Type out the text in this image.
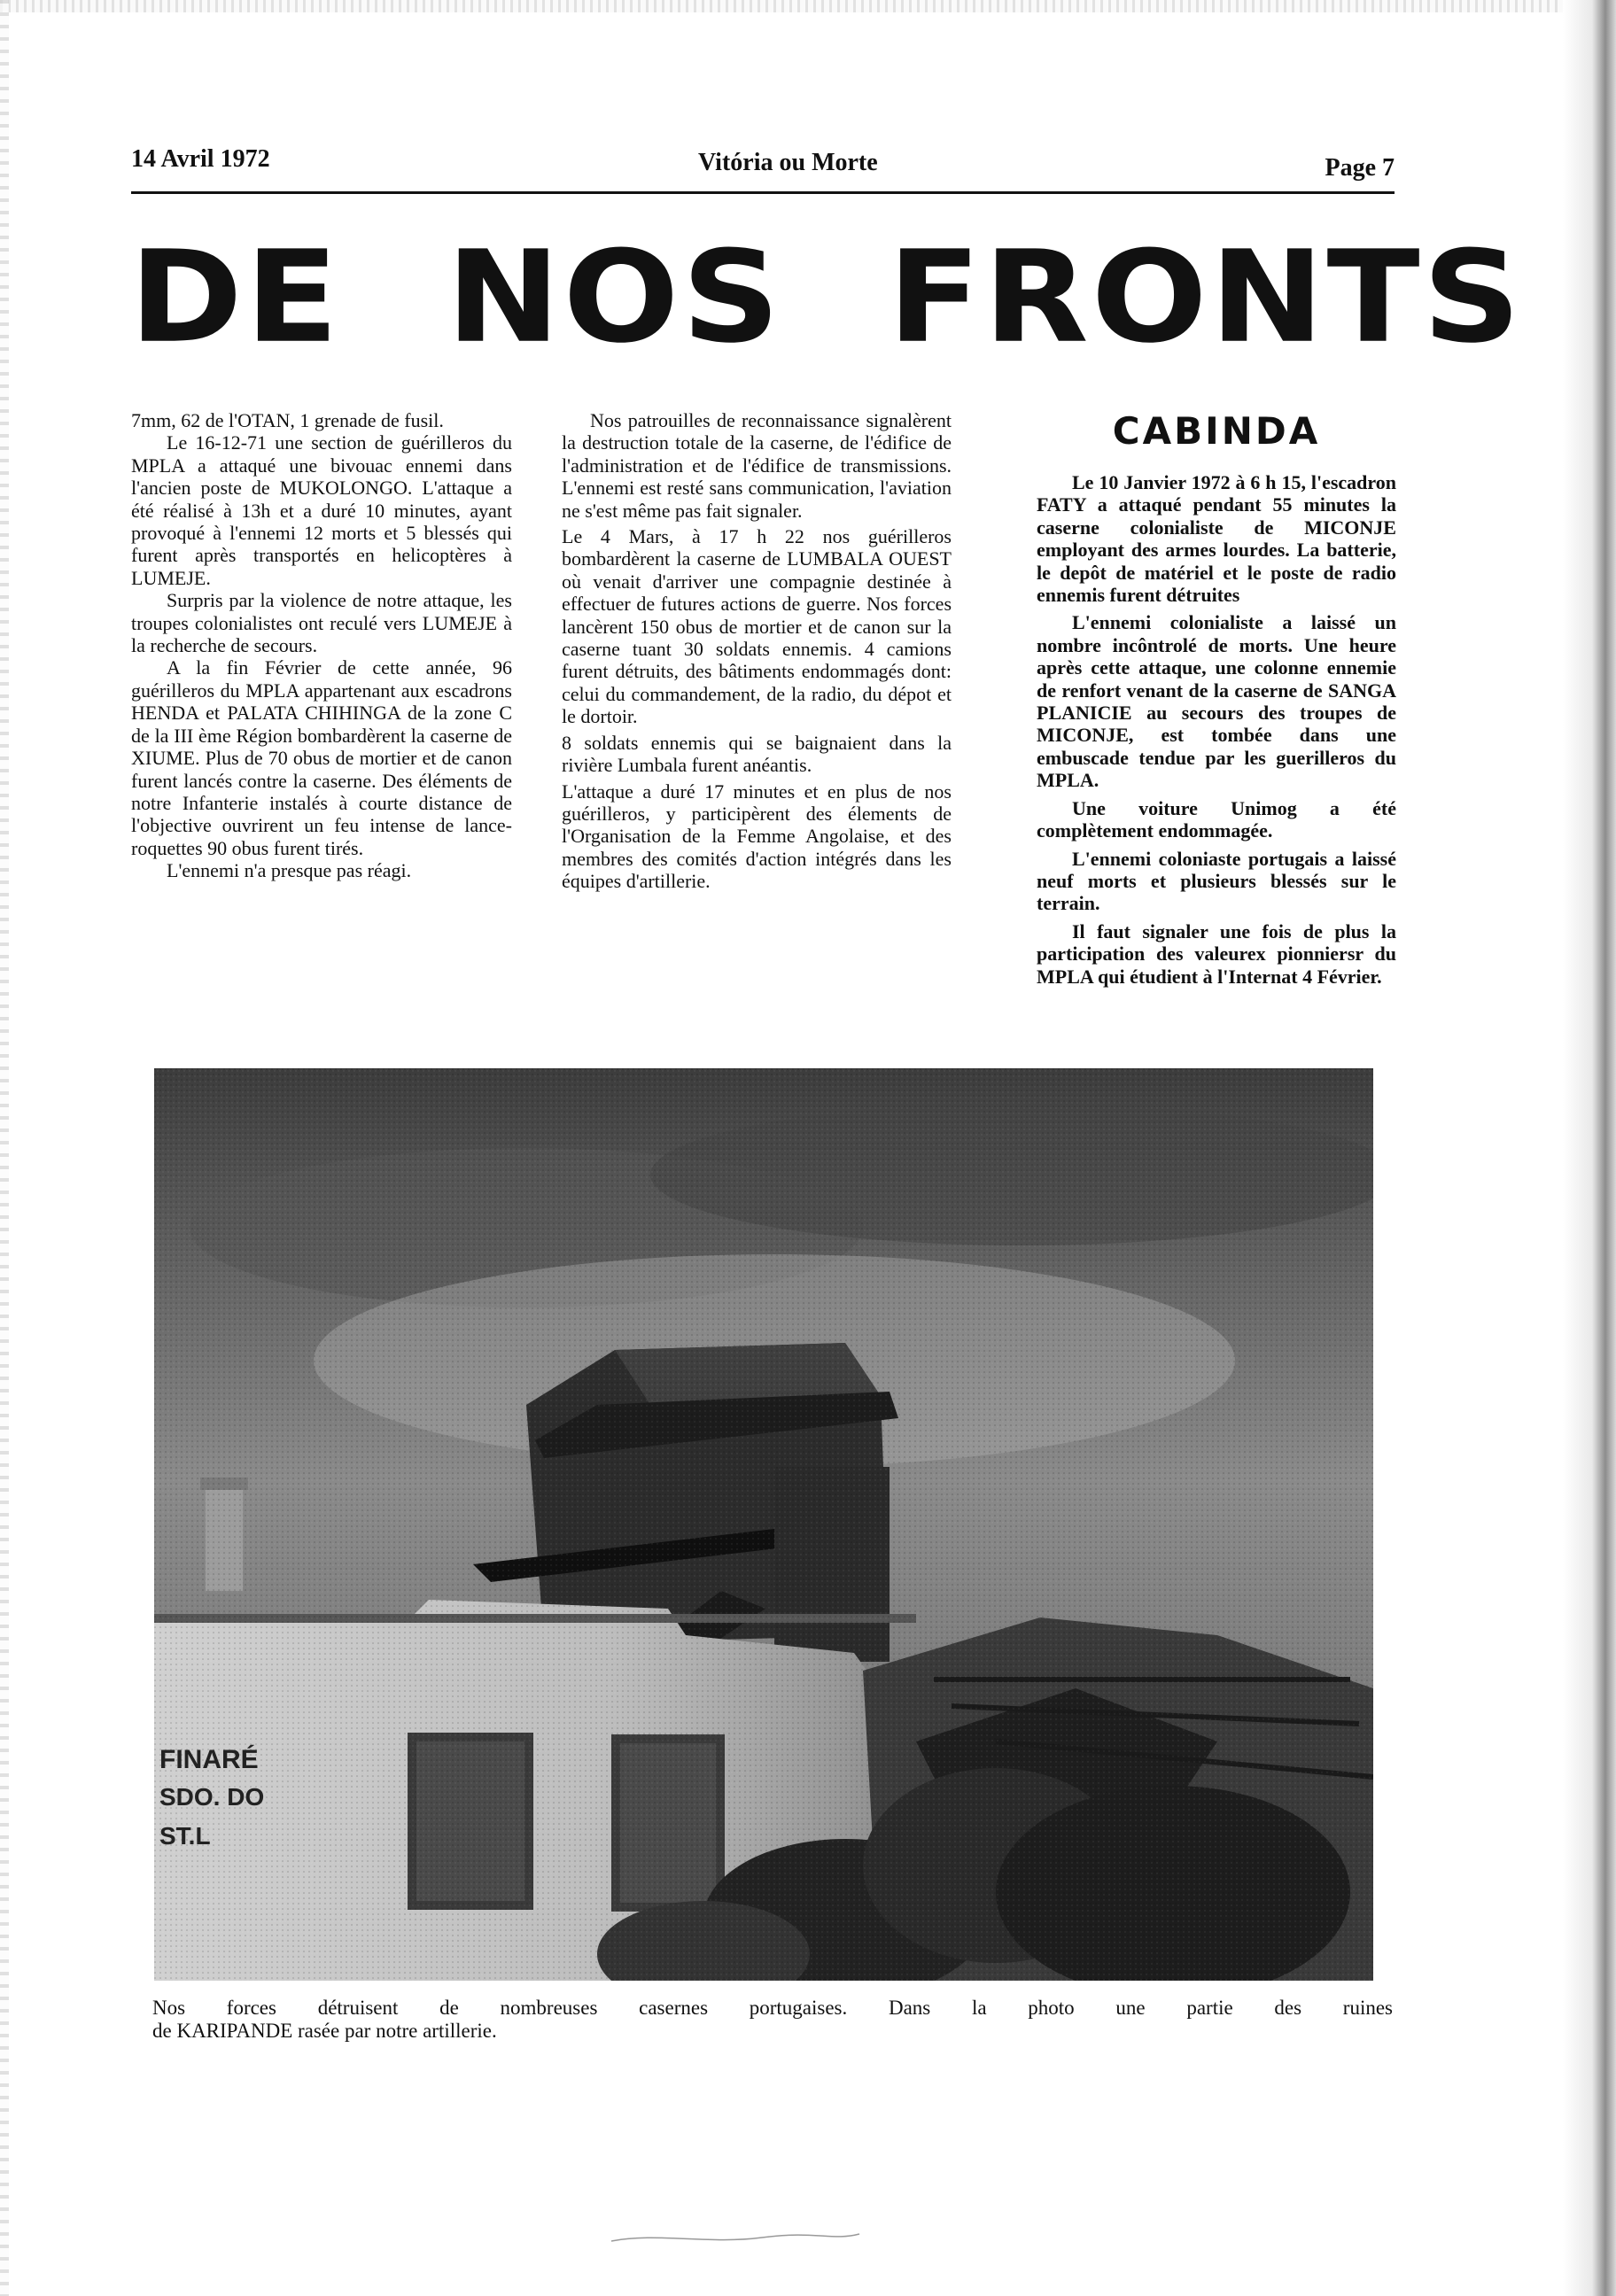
14 Avril 1972	Vitória ou Morte	Page 7
DE NOS FRONTS

7mm, 62 de l'OTAN, 1 grenade de fusil.

Le 16-12-71 une section de guérilleros du MPLA a attaqué une bivouac ennemi dans l'ancien poste de MUKOLONGO. L'attaque a été réalisé à 13h et a duré 10 minutes, ayant provoqué à l'ennemi 12 morts et 5 blessés qui furent après transportés en helicoptères à LUMEJE.

Surpris par la violence de notre attaque, les troupes colonialistes ont reculé vers LUMEJE à la recherche de secours.

A la fin Février de cette année, 96 guérilleros du MPLA appartenant aux escadrons HENDA et PALATA CHIHINGA de la zone C de la III ème Région bombardèrent la caserne de XIUME. Plus de 70 obus de mortier et de canon furent lancés contre la caserne. Des éléments de notre Infanterie instalés à courte distance de l'objective ouvrirent un feu intense de lance-roquettes 90 obus furent tirés.

L'ennemi n'a presque pas réagi.

Nos patrouilles de reconnaissance signalèrent la destruction totale de la caserne, de l'édifice de l'administration et de l'édifice de transmissions. L'ennemi est resté sans communication, l'aviation ne s'est même pas fait signaler.

Le 4 Mars, à 17 h 22 nos guérilleros bombardèrent la caserne de LUMBALA OUEST où venait d'arriver une compagnie destinée à effectuer de futures actions de guerre. Nos forces lancèrent 150 obus de mortier et de canon sur la caserne tuant 30 soldats ennemis. 4 camions furent détruits, des bâtiments endommagés dont: celui du commandement, de la radio, du dépot et le dortoir.

8 soldats ennemis qui se baignaient dans la rivière Lumbala furent anéantis.

L'attaque a duré 17 minutes et en plus de nos guérilleros, y participèrent des élements de l'Organisation de la Femme Angolaise, et des membres des comités d'action intégrés dans les équipes d'artillerie.

CABINDA

Le 10 Janvier 1972 à 6 h 15, l'escadron FATY a attaqué pendant 55 minutes la caserne colonialiste de MICONJE employant des armes lourdes. La batterie, le depôt de matériel et le poste de radio ennemis furent détruites

L'ennemi colonialiste a laissé un nombre incôntrolé de morts. Une heure après cette attaque, une colonne ennemie de renfort venant de la caserne de SANGA PLANICIE au secours des troupes de MICONJE, est tombée dans une embuscade tendue par les guerilleros du MPLA.

Une voiture Unimog a été complètement endommagée.

L'ennemi coloniaste portugais a laissé neuf morts et plusieurs blessés sur le terrain.

Il faut signaler une fois de plus la participation des valeurex pionniersr du MPLA qui étudient à l'Internat 4 Février.

FINARÉ
SDO. DO
ST.L
Nos forces détruisent de nombreuses casernes portugaises. Dans la photo une partie des ruines
de KARIPANDE rasée par notre artillerie.
